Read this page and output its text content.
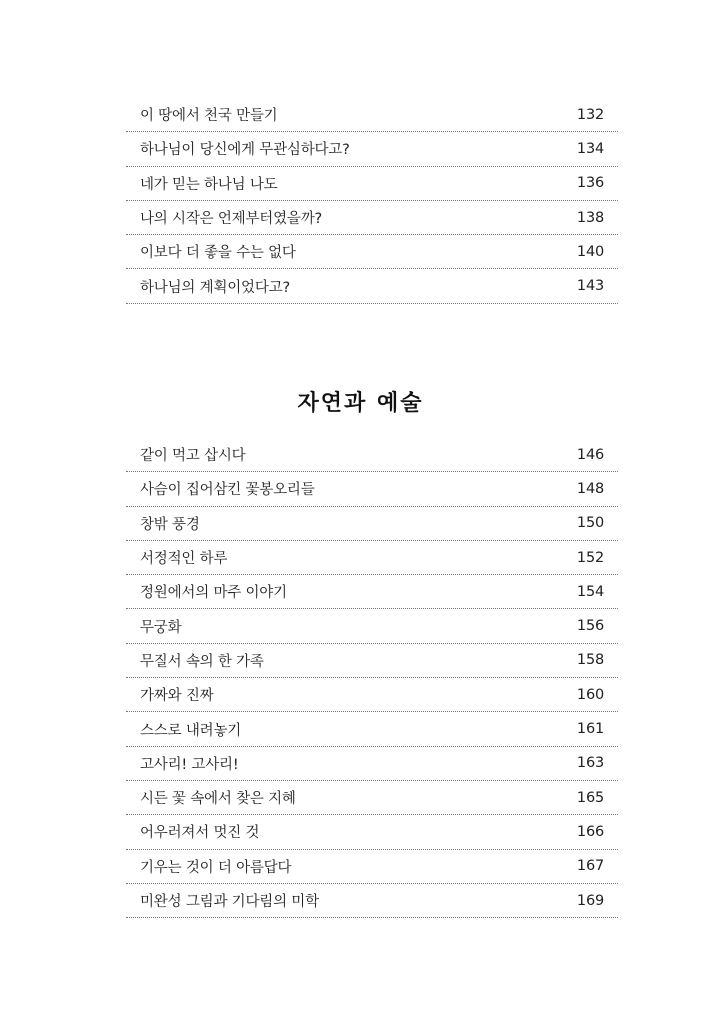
이 땅에서 천국 만들기	132
하나님이 당신에게 무관심하다고?	134
네가 믿는 하나님 나도	136
나의 시작은 언제부터였을까?	138
이보다 더 좋을 수는 없다	140
하나님의 계획이었다고?	143
자연과 예술
같이 먹고 삽시다	146
사슴이 집어삼킨 꽃봉오리들	148
창밖 풍경	150
서정적인 하루	152
정원에서의 마주 이야기	154
무궁화	156
무질서 속의 한 가족	158
가짜와 진짜	160
스스로 내려놓기	161
고사리! 고사리!	163
시든 꽃 속에서 찾은 지혜	165
어우러져서 멋진 것	166
기우는 것이 더 아름답다	167
미완성 그림과 기다림의 미학	169
